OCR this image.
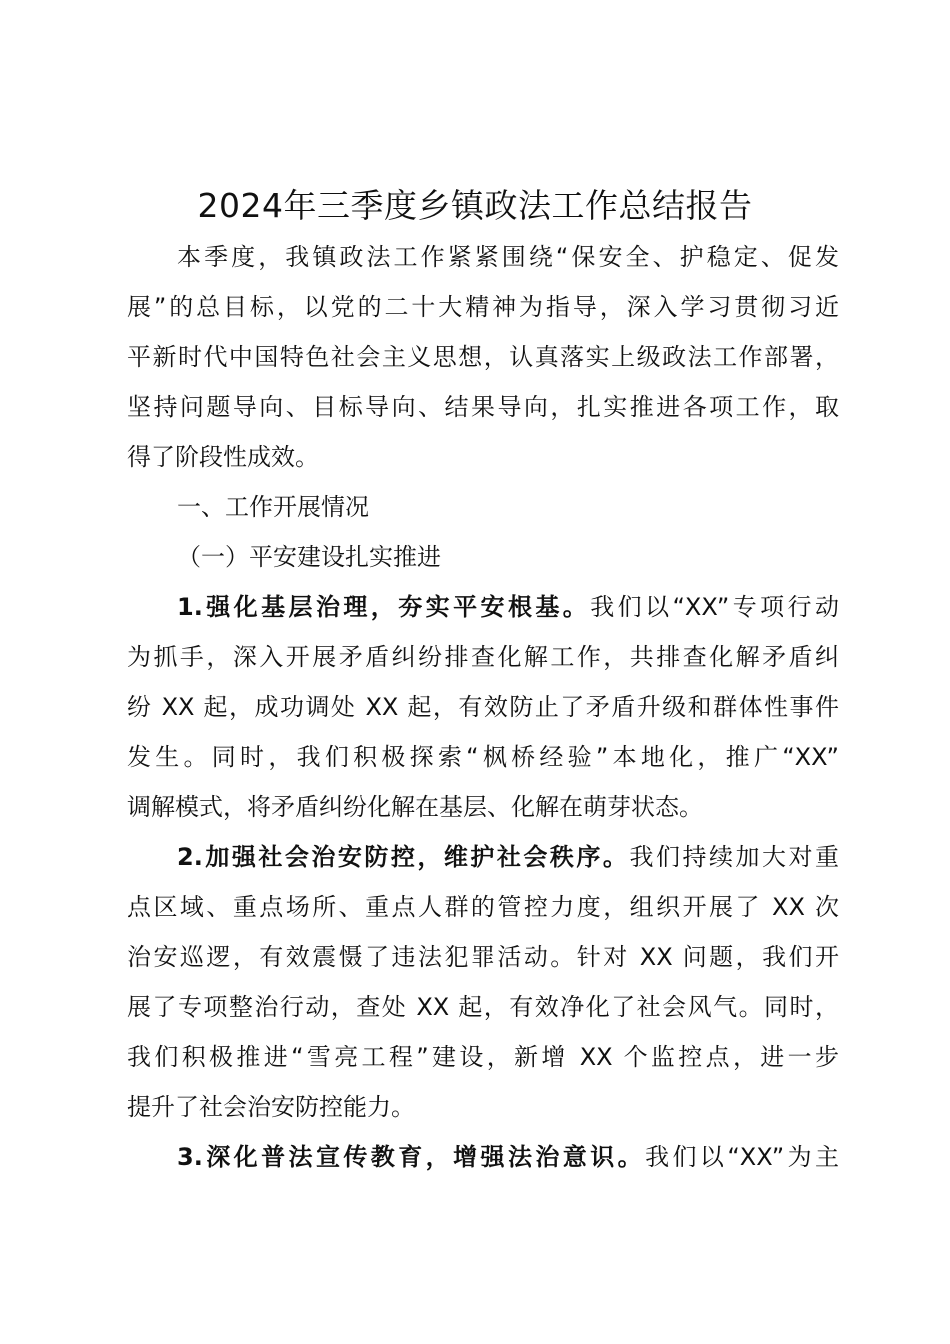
2024年三季度乡镇政法工作总结报告
本季度，我镇政法工作紧紧围绕“保安全、护稳定、促发
展”的总目标，以党的二十大精神为指导，深入学习贯彻习近
平新时代中国特色社会主义思想，认真落实上级政法工作部署，
坚持问题导向、目标导向、结果导向，扎实推进各项工作，取
得了阶段性成效。
一、工作开展情况
（一）平安建设扎实推进
1.强化基层治理，夯实平安根基。我们以“XX”专项行动
为抓手，深入开展矛盾纠纷排查化解工作，共排查化解矛盾纠
纷 XX 起，成功调处 XX 起，有效防止了矛盾升级和群体性事件
发生。同时，我们积极探索“枫桥经验”本地化，推广“XX”
调解模式，将矛盾纠纷化解在基层、化解在萌芽状态。
2.加强社会治安防控，维护社会秩序。我们持续加大对重
点区域、重点场所、重点人群的管控力度，组织开展了 XX 次
治安巡逻，有效震慑了违法犯罪活动。针对 XX 问题，我们开
展了专项整治行动，查处 XX 起，有效净化了社会风气。同时，
我们积极推进“雪亮工程”建设，新增 XX 个监控点，进一步
提升了社会治安防控能力。
3.深化普法宣传教育，增强法治意识。我们以“XX”为主
